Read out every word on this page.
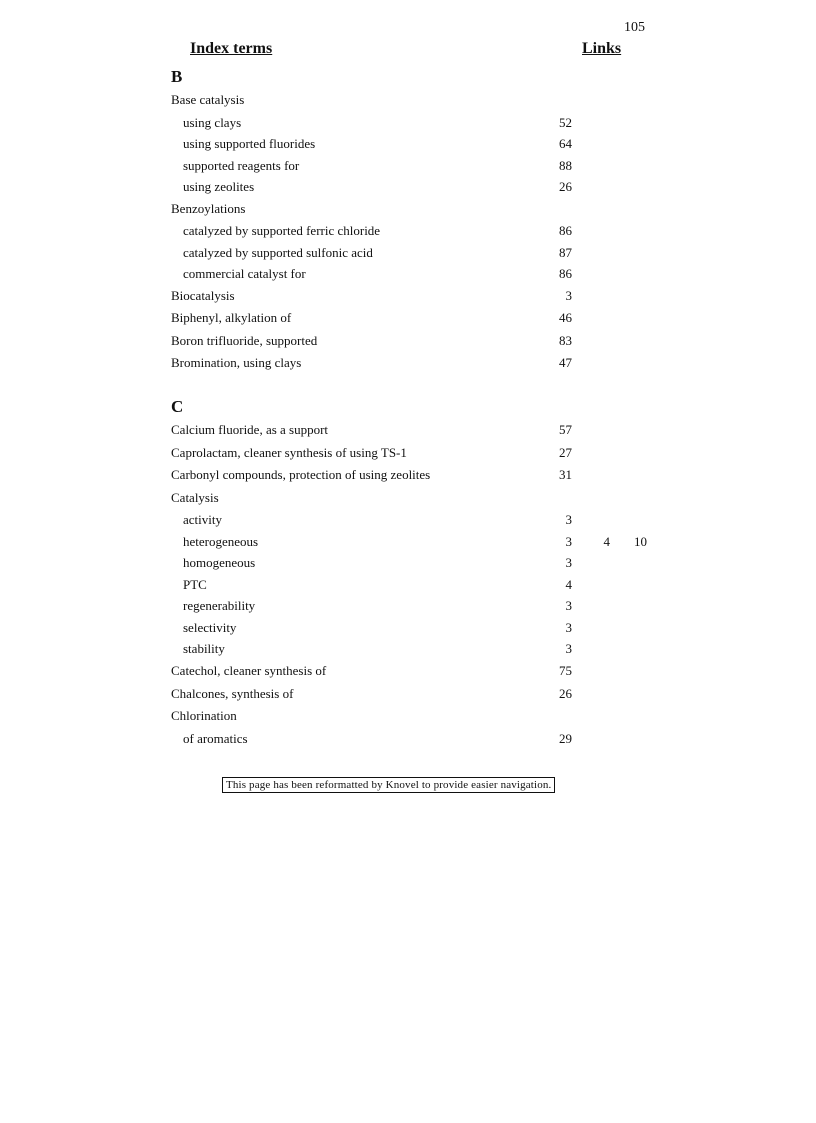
105
Index terms	Links
B
Base catalysis
using clays	52
using supported fluorides	64
supported reagents for	88
using zeolites	26
Benzoylations
catalyzed by supported ferric chloride	86
catalyzed by supported sulfonic acid	87
commercial catalyst for	86
Biocatalysis	3
Biphenyl, alkylation of	46
Boron trifluoride, supported	83
Bromination, using clays	47
C
Calcium fluoride, as a support	57
Caprolactam, cleaner synthesis of using TS-1	27
Carbonyl compounds, protection of using zeolites	31
Catalysis
activity	3
heterogeneous	3	4	10
homogeneous	3
PTC	4
regenerability	3
selectivity	3
stability	3
Catechol, cleaner synthesis of	75
Chalcones, synthesis of	26
Chlorination
of aromatics	29
This page has been reformatted by Knovel to provide easier navigation.
